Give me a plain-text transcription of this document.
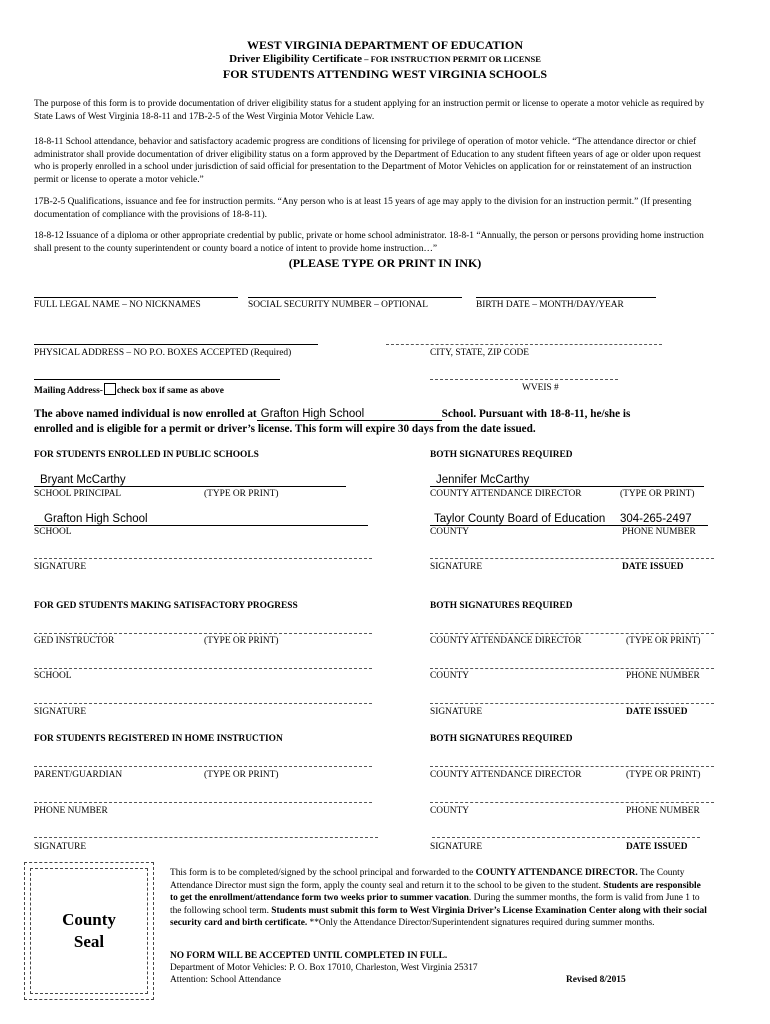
WEST VIRGINIA DEPARTMENT OF EDUCATION
Driver Eligibility Certificate – FOR INSTRUCTION PERMIT OR LICENSE
FOR STUDENTS ATTENDING WEST VIRGINIA SCHOOLS
The purpose of this form is to provide documentation of driver eligibility status for a student applying for an instruction permit or license to operate a motor vehicle as required by State Laws of West Virginia 18-8-11 and 17B-2-5 of the West Virginia Motor Vehicle Law.
18-8-11 School attendance, behavior and satisfactory academic progress are conditions of licensing for privilege of operation of motor vehicle. “The attendance director or chief administrator shall provide documentation of driver eligibility status on a form approved by the Department of Education to any student fifteen years of age or older upon request who is properly enrolled in a school under jurisdiction of said official for presentation to the Department of Motor Vehicles on application for or reinstatement of an instruction permit or license to operate a motor vehicle.”
17B-2-5 Qualifications, issuance and fee for instruction permits. “Any person who is at least 15 years of age may apply to the division for an instruction permit.” (If presenting documentation of compliance with the provisions of 18-8-11).
18-8-12 Issuance of a diploma or other appropriate credential by public, private or home school administrator. 18-8-1 “Annually, the person or persons providing home instruction shall present to the county superintendent or county board a notice of intent to provide home instruction…”
(PLEASE TYPE OR PRINT IN INK)
FULL LEGAL NAME – NO NICKNAMES	SOCIAL SECURITY NUMBER – OPTIONAL	BIRTH DATE – MONTH/DAY/YEAR
PHYSICAL ADDRESS – NO P.O. BOXES ACCEPTED (Required)	CITY, STATE, ZIP CODE
Mailing Address- check box if same as above	WVEIS #
The above named individual is now enrolled at Grafton High School	School. Pursuant with 18-8-11, he/she is
enrolled and is eligible for a permit or driver’s license. This form will expire 30 days from the date issued.
FOR STUDENTS ENROLLED IN PUBLIC SCHOOLS	BOTH SIGNATURES REQUIRED
Bryant McCarthy	Jennifer McCarthy
SCHOOL PRINCIPAL	(TYPE OR PRINT)	COUNTY ATTENDANCE DIRECTOR	(TYPE OR PRINT)
Grafton High School	Taylor County Board of Education 304-265-2497
SCHOOL	COUNTY	PHONE NUMBER
SIGNATURE	SIGNATURE	DATE ISSUED
FOR GED STUDENTS MAKING SATISFACTORY PROGRESS	BOTH SIGNATURES REQUIRED
GED INSTRUCTOR	(TYPE OR PRINT)	COUNTY ATTENDANCE DIRECTOR	(TYPE OR PRINT)
SCHOOL	COUNTY	PHONE NUMBER
SIGNATURE	SIGNATURE	DATE ISSUED
FOR STUDENTS REGISTERED IN HOME INSTRUCTION	BOTH SIGNATURES REQUIRED
PARENT/GUARDIAN	(TYPE OR PRINT)	COUNTY ATTENDANCE DIRECTOR	(TYPE OR PRINT)
PHONE NUMBER	COUNTY	PHONE NUMBER
SIGNATURE	SIGNATURE	DATE ISSUED
County
Seal
This form is to be completed/signed by the school principal and forwarded to the COUNTY ATTENDANCE DIRECTOR. The County Attendance Director must sign the form, apply the county seal and return it to the school to be given to the student. Students are responsible to get the enrollment/attendance form two weeks prior to summer vacation. During the summer months, the form is valid from June 1 to the following school term. Students must submit this form to West Virginia Driver’s License Examination Center along with their social security card and birth certificate. **Only the Attendance Director/Superintendent signatures required during summer months.
NO FORM WILL BE ACCEPTED UNTIL COMPLETED IN FULL.
Department of Motor Vehicles: P. O. Box 17010, Charleston, West Virginia 25317
Attention: School Attendance	Revised 8/2015
